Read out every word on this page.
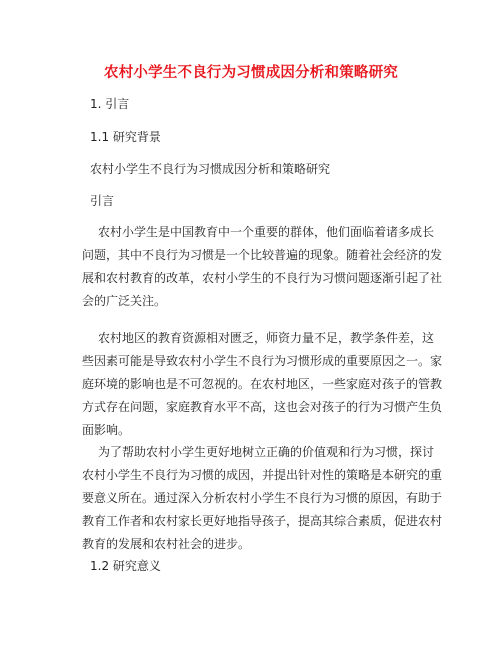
农村小学生不良行为习惯成因分析和策略研究

1. 引言

1.1 研究背景

农村小学生不良行为习惯成因分析和策略研究

引言

农村小学生是中国教育中一个重要的群体，他们面临着诸多成长
问题，其中不良行为习惯是一个比较普遍的现象。随着社会经济的发
展和农村教育的改革，农村小学生的不良行为习惯问题逐渐引起了社
会的广泛关注。
农村地区的教育资源相对匮乏，师资力量不足，教学条件差，这
些因素可能是导致农村小学生不良行为习惯形成的重要原因之一。家
庭环境的影响也是不可忽视的。在农村地区，一些家庭对孩子的管教
方式存在问题，家庭教育水平不高，这也会对孩子的行为习惯产生负
面影响。
为了帮助农村小学生更好地树立正确的价值观和行为习惯，探讨
农村小学生不良行为习惯的成因，并提出针对性的策略是本研究的重
要意义所在。通过深入分析农村小学生不良行为习惯的原因，有助于
教育工作者和农村家长更好地指导孩子，提高其综合素质，促进农村
教育的发展和农村社会的进步。

1.2 研究意义
